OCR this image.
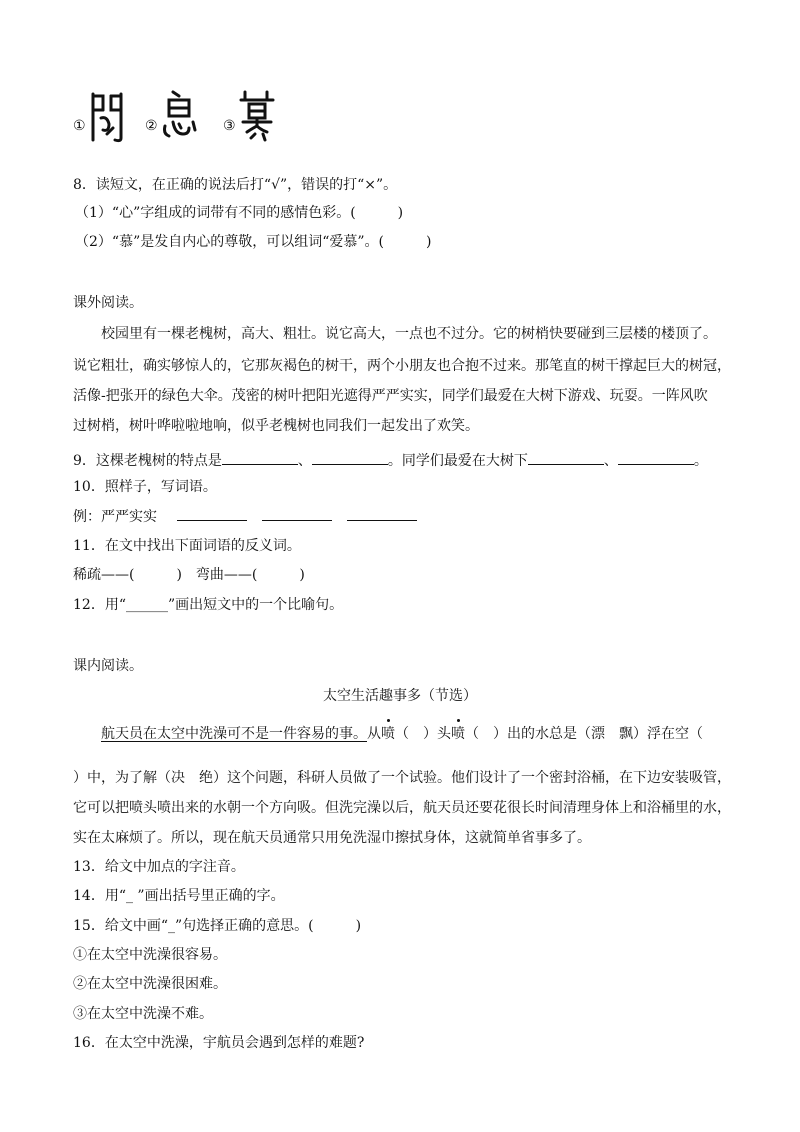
①	②	③
8．读短文，在正确的说法后打“√”，错误的打“×”。
（1）“心”字组成的词带有不同的感情色彩。(　　　)
（2）“慕”是发自内心的尊敬，可以组词“爱慕”。(　　　)
课外阅读。
校园里有一棵老槐树，高大、粗壮。说它高大，一点也不过分。它的树梢快要碰到三层楼的楼顶了。
说它粗壮，确实够惊人的，它那灰褐色的树干，两个小朋友也合抱不过来。那笔直的树干撑起巨大的树冠，
活像-把张开的绿色大伞。茂密的树叶把阳光遮得严严实实，同学们最爱在大树下游戏、玩耍。一阵风吹
过树梢，树叶哗啦啦地响，似乎老槐树也同我们一起发出了欢笑。
9．这棵老槐树的特点是	、	。同学们最爱在大树下	、	。
10．照样子，写词语。
例：严严实实
11．在文中找出下面词语的反义词。
稀疏——(　　　)　弯曲——(　　　)
12．用“______”画出短文中的一个比喻句。
课内阅读。
太空生活趣事多（节选）
航天员在太空中洗澡可不是一件容易的事。从喷（　）头喷（　）出的水总是（漂　飘）浮在空（
）中，为了解（决　绝）这个问题，科研人员做了一个试验。他们设计了一个密封浴桶，在下边安装吸管，
它可以把喷头喷出来的水朝一个方向吸。但洗完澡以后，航天员还要花很长时间清理身体上和浴桶里的水，
实在太麻烦了。所以，现在航天员通常只用免洗湿巾擦拭身体，这就简单省事多了。
13．给文中加点的字注音。
14．用“_ ”画出括号里正确的字。
15．给文中画“_”句选择正确的意思。(　　　)
①在太空中洗澡很容易。
②在太空中洗澡很困难。
③在太空中洗澡不难。
16．在太空中洗澡，宇航员会遇到怎样的难题?
